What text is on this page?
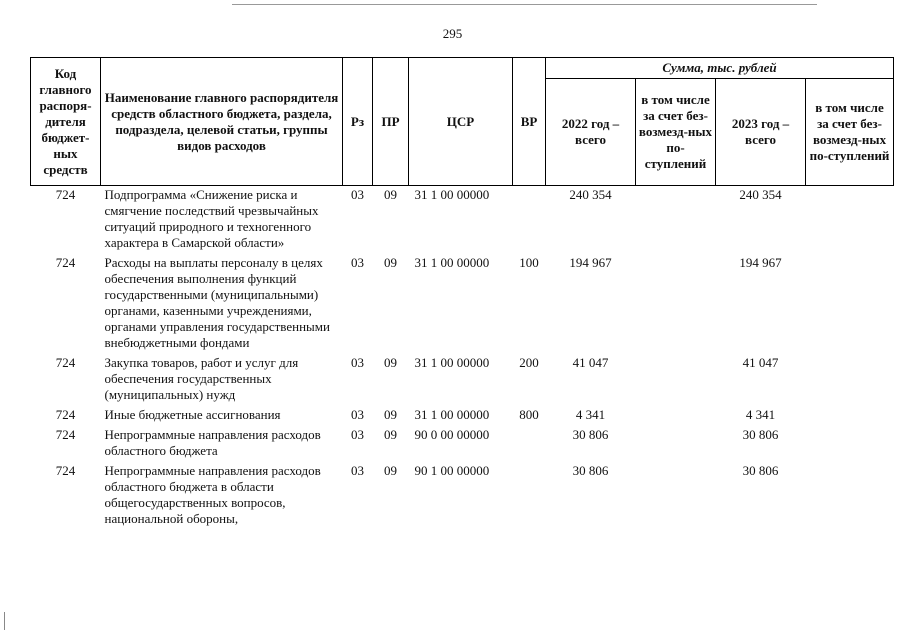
295
Код главного распоря-дителя бюджет-ных средств	Наименование главного распорядителя средств областного бюджета, раздела, подраздела, целевой статьи, группы видов расходов	Рз	ПР	ЦСР	ВР	Сумма, тыс. рублей			
						2022 год – всего	в том числе за счет без-возмезд-ных по-ступлений	2023 год – всего	в том числе за счет без-возмезд-ных по-ступлений
724	Подпрограмма «Снижение риска и смягчение последствий чрезвычайных ситуаций природного и техногенного характера в Самарской области»	03	09	31 1 00 00000		240 354		240 354	
724	Расходы на выплаты персоналу в целях обеспечения выполнения функций государственными (муниципальными) органами, казенными учреждениями, органами управления государственными внебюджетными фондами	03	09	31 1 00 00000	100	194 967		194 967	
724	Закупка товаров, работ и услуг для обеспечения государственных (муниципальных) нужд	03	09	31 1 00 00000	200	41 047		41 047	
724	Иные бюджетные ассигнования	03	09	31 1 00 00000	800	4 341		4 341	
724	Непрограммные направления расходов областного бюджета	03	09	90 0 00 00000		30 806		30 806	
724	Непрограммные направления расходов областного бюджета в области общегосударственных вопросов, национальной обороны,	03	09	90 1 00 00000		30 806		30 806	
